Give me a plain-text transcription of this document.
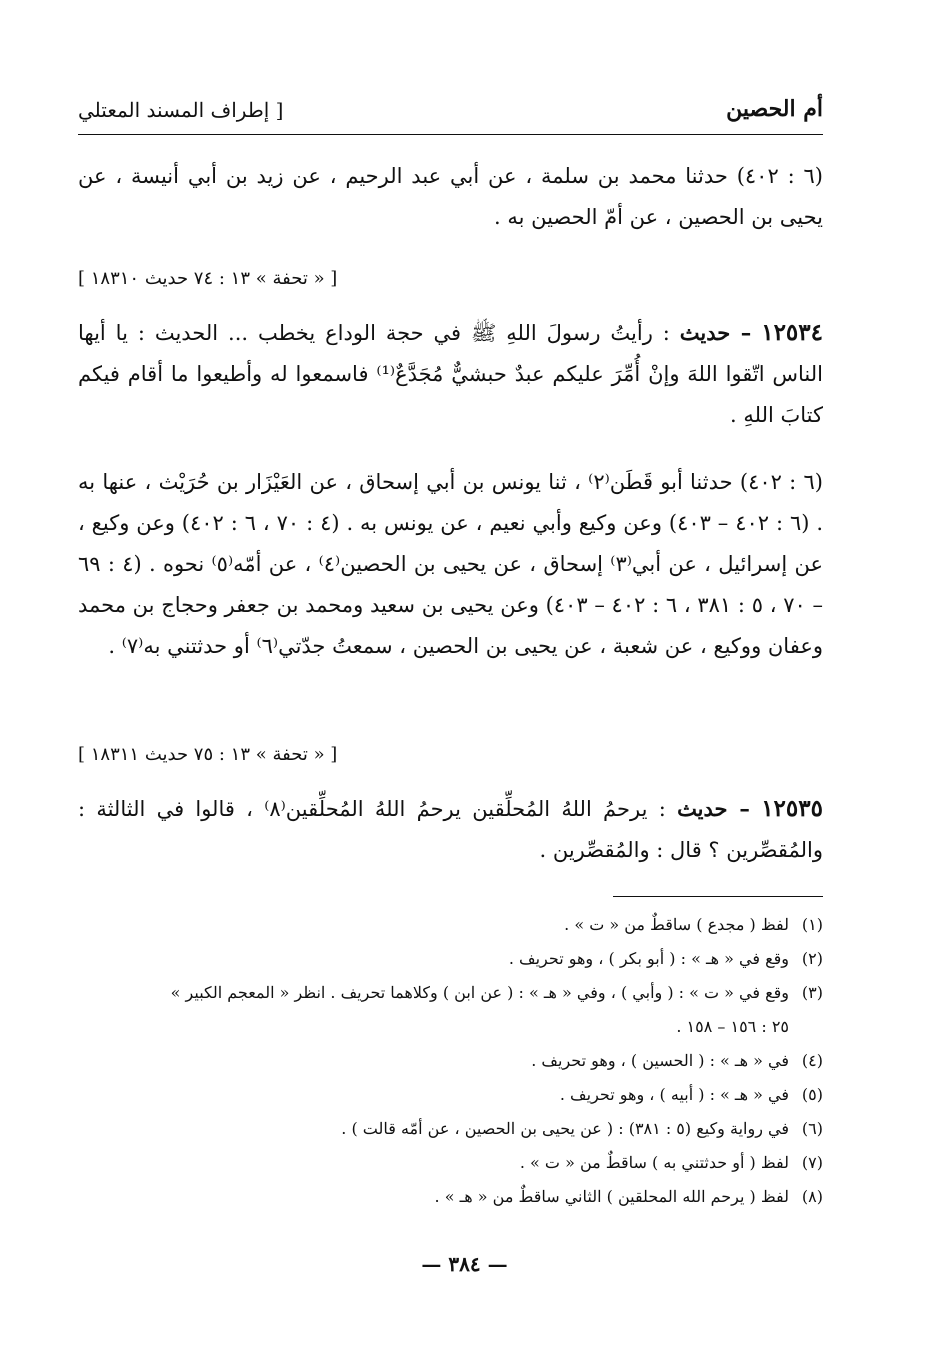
أم الحصين
[ إطراف المسند المعتلي
(٦ : ٤٠٢) حدثنا محمد بن سلمة ، عن أبي عبد الرحيم ، عن زيد بن أبي أنيسة ، عن يحيى بن الحصين ، عن أمّ الحصين به .
[ « تحفة » ١٣ : ٧٤ حديث ١٨٣١٠ ]
١٢٥٣٤ – حديث : رأيتُ رسولَ اللهِ ﷺ في حجة الوداع يخطب ... الحديث : يا أيها الناس اتّقوا اللهَ وإنْ أُمِّرَ عليكم عبدٌ حبشيٌّ مُجَدَّعٌ⁽¹⁾ فاسمعوا له وأطيعوا ما أقام فيكم كتابَ اللهِ .
(٦ : ٤٠٢) حدثنا أبو قَطَن⁽٢⁾ ، ثنا يونس بن أبي إسحاق ، عن العَيْزَار بن حُرَيْث ، عنها به . (٦ : ٤٠٢ – ٤٠٣) وعن وكيع وأبي نعيم ، عن يونس به . (٤ : ٧٠ ، ٦ : ٤٠٢) وعن وكيع ، عن إسرائيل ، عن أبي⁽٣⁾ إسحاق ، عن يحيى بن الحصين⁽٤⁾ ، عن أمّه⁽٥⁾ نحوه . (٤ : ٦٩ – ٧٠ ، ٥ : ٣٨١ ، ٦ : ٤٠٢ – ٤٠٣) وعن يحيى بن سعيد ومحمد بن جعفر وحجاج بن محمد وعفان ووكيع ، عن شعبة ، عن يحيى بن الحصين ، سمعتُ جدّتي⁽٦⁾ أو حدثتني به⁽٧⁾ .
[ « تحفة » ١٣ : ٧٥ حديث ١٨٣١١ ]
١٢٥٣٥ – حديث : يرحمُ اللهُ المُحلِّقين يرحمُ اللهُ المُحلِّقين⁽٨⁾ ، قالوا في الثالثة : والمُقصِّرين ؟ قال : والمُقصِّرين .
(١)
لفظ ( مجدع ) ساقطٌ من « ت » .
(٢)
وقع في « هـ » : ( أبو بكر ) ، وهو تحريف .
(٣)
وقع في « ت » : ( وأبي ) ، وفي « هـ » : ( عن ابن ) وكلاهما تحريف . انظر « المعجم الكبير »
٢٥ : ١٥٦ – ١٥٨ .
(٤)
في « هـ » : ( الحسين ) ، وهو تحريف .
(٥)
في « هـ » : ( أبيه ) ، وهو تحريف .
(٦)
في رواية وكيع (٥ : ٣٨١) : ( عن يحيى بن الحصين ، عن أمّه قالت ) .
(٧)
لفظ ( أو حدثتني به ) ساقطٌ من « ت » .
(٨)
لفظ ( يرحم الله المحلقين ) الثاني ساقطٌ من « هـ » .
— ٣٨٤ —
